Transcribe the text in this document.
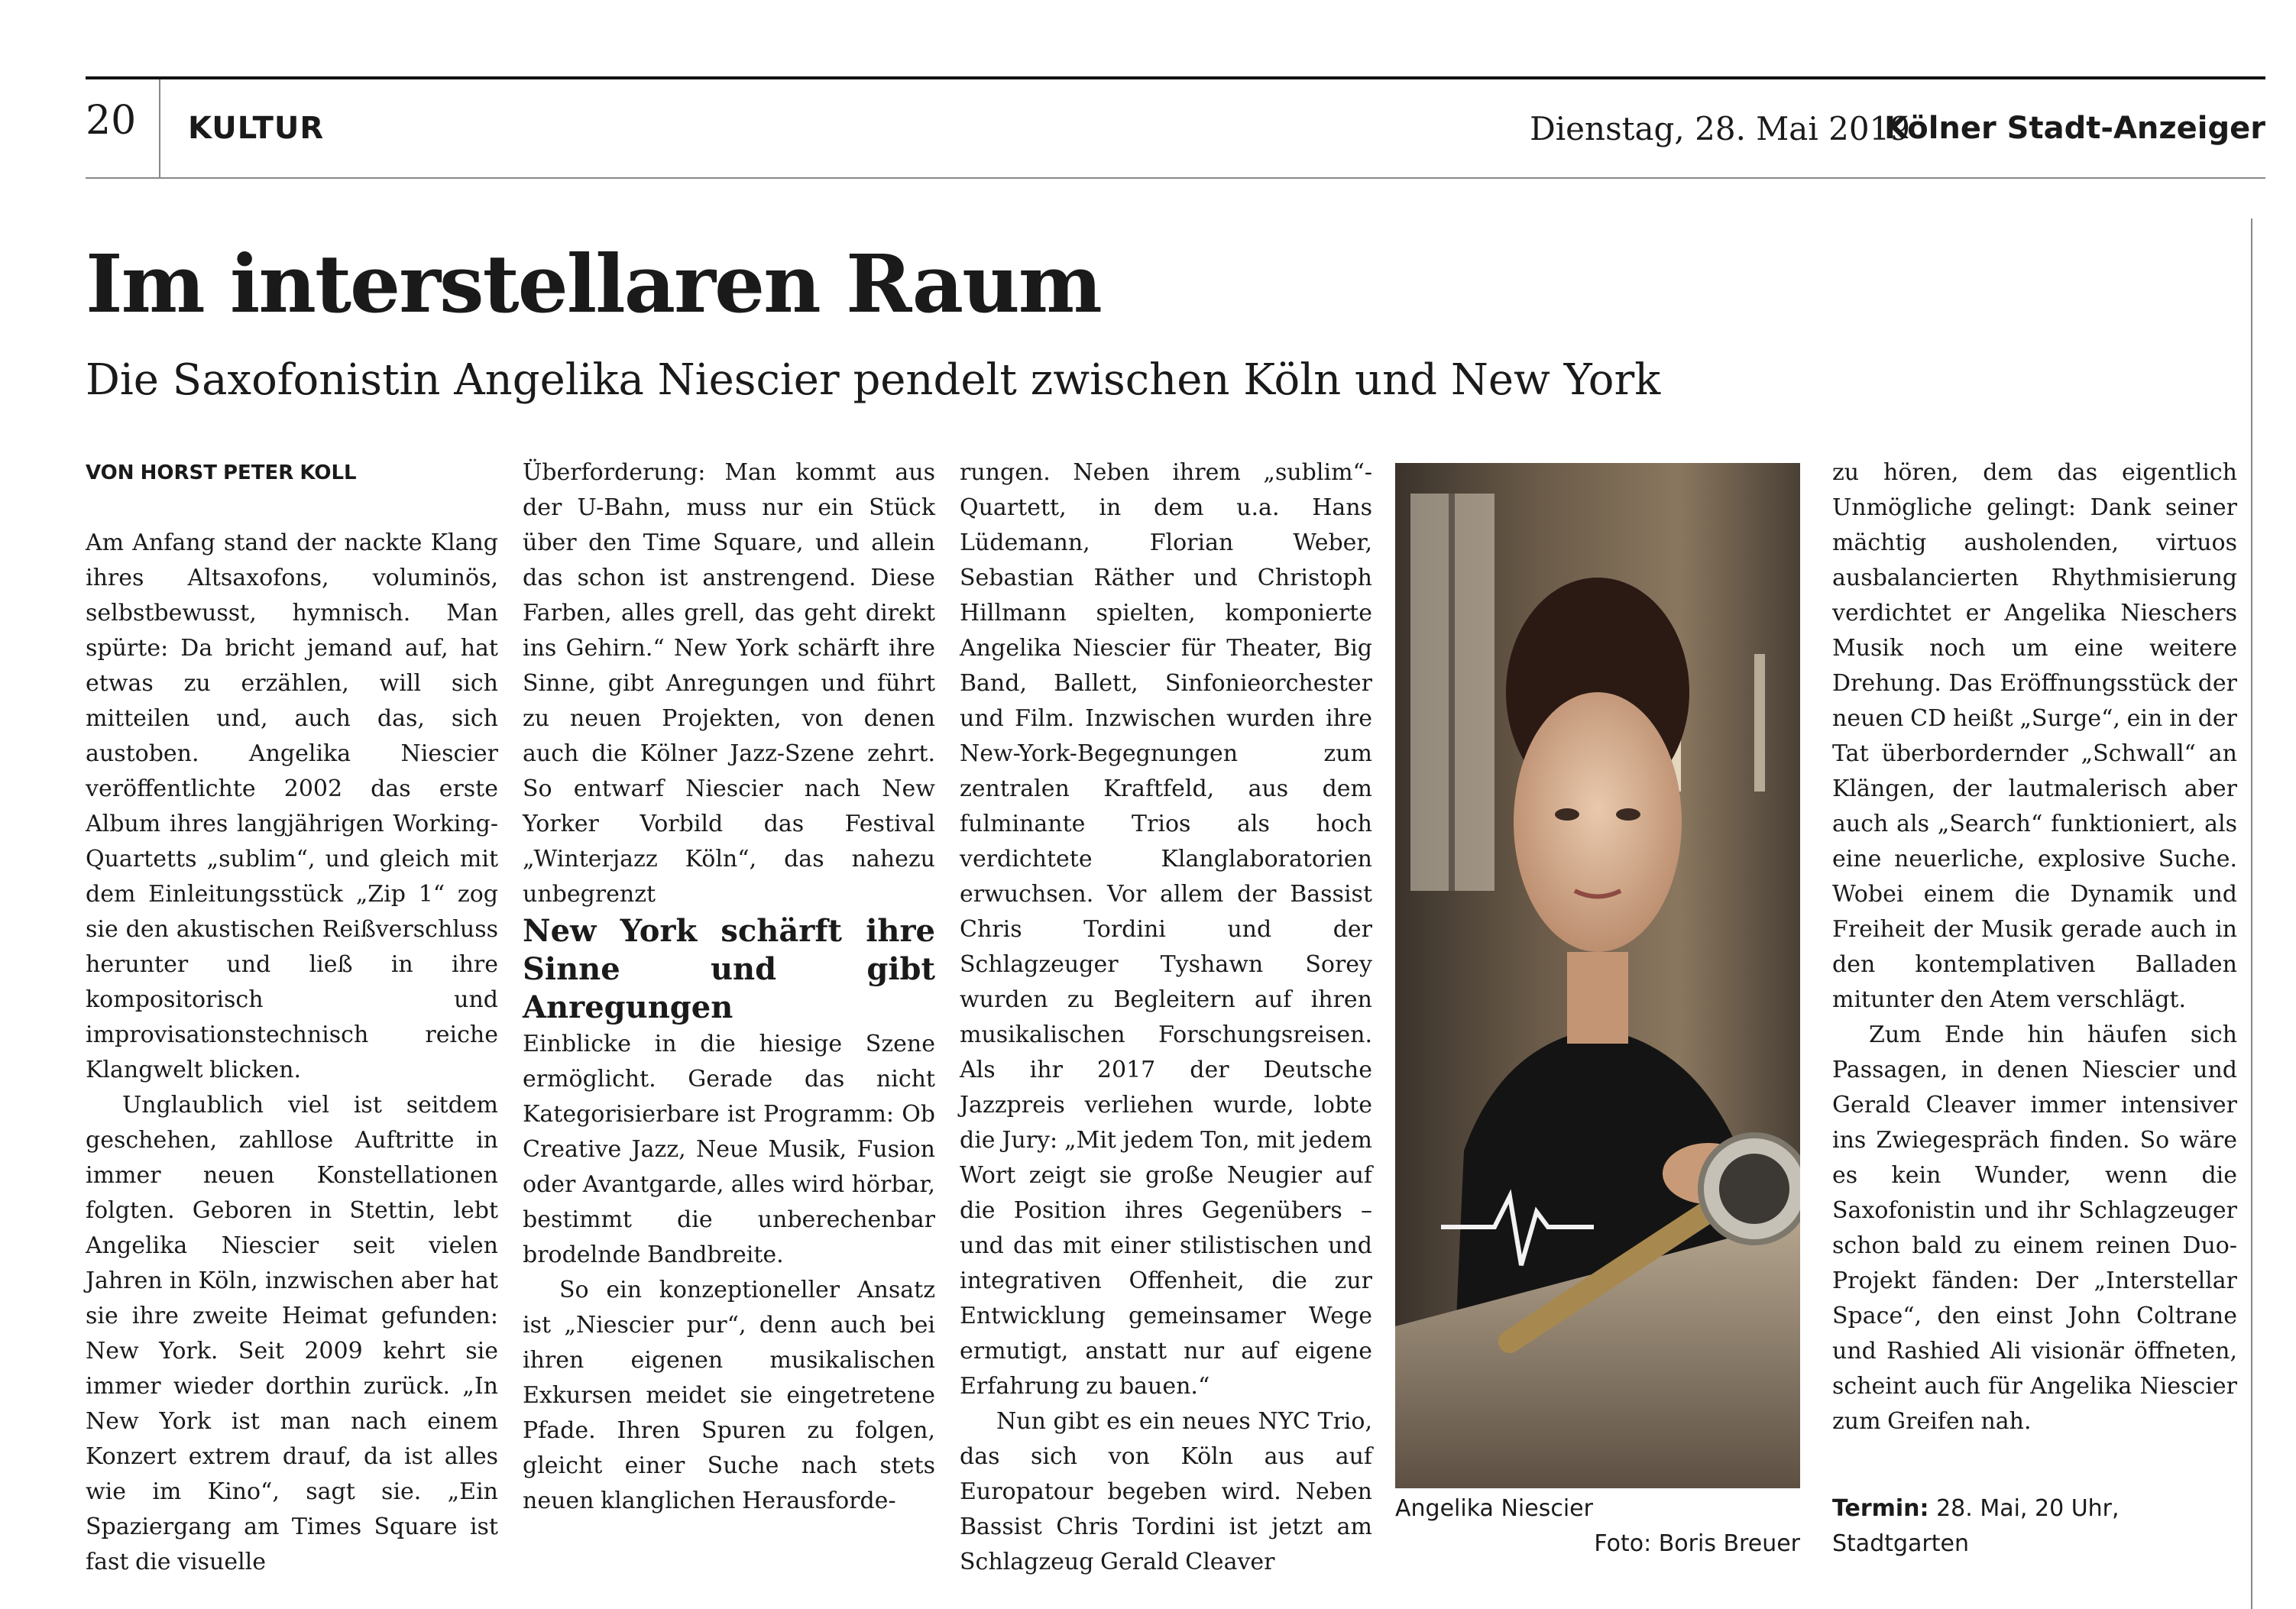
20 KULTUR	Dienstag, 28. Mai 2019
Kölner Stadt-Anzeiger
Im interstellaren Raum
Die Saxofonistin Angelika Niescier pendelt zwischen Köln und New York

VON HORST PETER KOLL

Am Anfang stand der nackte Klang ihres Altsaxofons, voluminös, selbstbewusst, hymnisch. Man spürte: Da bricht jemand auf, hat etwas zu erzählen, will sich mitteilen und, auch das, sich austoben. Angelika Niescier veröffentlichte 2002 das erste Album ihres langjährigen Working-Quartetts „sublim“, und gleich mit dem Einleitungsstück „Zip 1“ zog sie den akustischen Reißverschluss herunter und ließ in ihre kompositorisch und improvisationstechnisch reiche Klangwelt blicken.

Unglaublich viel ist seitdem geschehen, zahllose Auftritte in immer neuen Konstellationen folgten. Geboren in Stettin, lebt Angelika Niescier seit vielen Jahren in Köln, inzwischen aber hat sie ihre zweite Heimat gefunden: New York. Seit 2009 kehrt sie immer wieder dorthin zurück. „In New York ist man nach einem Konzert extrem drauf, da ist alles wie im Kino“, sagt sie. „Ein Spaziergang am Times Square ist fast die visuelle

Überforderung: Man kommt aus der U-Bahn, muss nur ein Stück über den Time Square, und allein das schon ist anstrengend. Diese Farben, alles grell, das geht direkt ins Gehirn.“ New York schärft ihre Sinne, gibt Anregungen und führt zu neuen Projekten, von denen auch die Kölner Jazz-Szene zehrt. So entwarf Niescier nach New Yorker Vorbild das Festival „Winterjazz Köln“, das nahezu unbegrenzt

New York schärft ihre Sinne und gibt Anregungen

Einblicke in die hiesige Szene ermöglicht. Gerade das nicht Kategorisierbare ist Programm: Ob Creative Jazz, Neue Musik, Fusion oder Avantgarde, alles wird hörbar, bestimmt die unberechenbar brodelnde Bandbreite.

So ein konzeptioneller Ansatz ist „Niescier pur“, denn auch bei ihren eigenen musikalischen Exkursen meidet sie eingetretene Pfade. Ihren Spuren zu folgen, gleicht einer Suche nach stets neuen klanglichen Herausforde-

rungen. Neben ihrem „sublim“-Quartett, in dem u.a. Hans Lüdemann, Florian Weber, Sebastian Räther und Christoph Hillmann spielten, komponierte Angelika Niescier für Theater, Big Band, Ballett, Sinfonieorchester und Film. Inzwischen wurden ihre New-York-Begegnungen zum zentralen Kraftfeld, aus dem fulminante Trios als hoch verdichtete Klanglaboratorien erwuchsen. Vor allem der Bassist Chris Tordini und der Schlagzeuger Tyshawn Sorey wurden zu Begleitern auf ihren musikalischen Forschungsreisen. Als ihr 2017 der Deutsche Jazzpreis verliehen wurde, lobte die Jury: „Mit jedem Ton, mit jedem Wort zeigt sie große Neugier auf die Position ihres Gegenübers – und das mit einer stilistischen und integrativen Offenheit, die zur Entwicklung gemeinsamer Wege ermutigt, anstatt nur auf eigene Erfahrung zu bauen.“

Nun gibt es ein neues NYC Trio, das sich von Köln aus auf Europatour begeben wird. Neben Bassist Chris Tordini ist jetzt am Schlagzeug Gerald Cleaver

Angelika Niescier
Foto: Boris Breuer

zu hören, dem das eigentlich Unmögliche gelingt: Dank seiner mächtig ausholenden, virtuos ausbalancierten Rhythmisierung verdichtet er Angelika Nieschers Musik noch um eine weitere Drehung. Das Eröffnungsstück der neuen CD heißt „Surge“, ein in der Tat überbordernder „Schwall“ an Klängen, der lautmalerisch aber auch als „Search“ funktioniert, als eine neuerliche, explosive Suche. Wobei einem die Dynamik und Freiheit der Musik gerade auch in den kontemplativen Balladen mitunter den Atem verschlägt.

Zum Ende hin häufen sich Passagen, in denen Niescier und Gerald Cleaver immer intensiver ins Zwiegespräch finden. So wäre es kein Wunder, wenn die Saxofonistin und ihr Schlagzeuger schon bald zu einem reinen Duo-Projekt fänden: Der „Interstellar Space“, den einst John Coltrane und Rashied Ali visionär öffneten, scheint auch für Angelika Niescier zum Greifen nah.

Termin: 28. Mai, 20 Uhr, Stadtgarten
